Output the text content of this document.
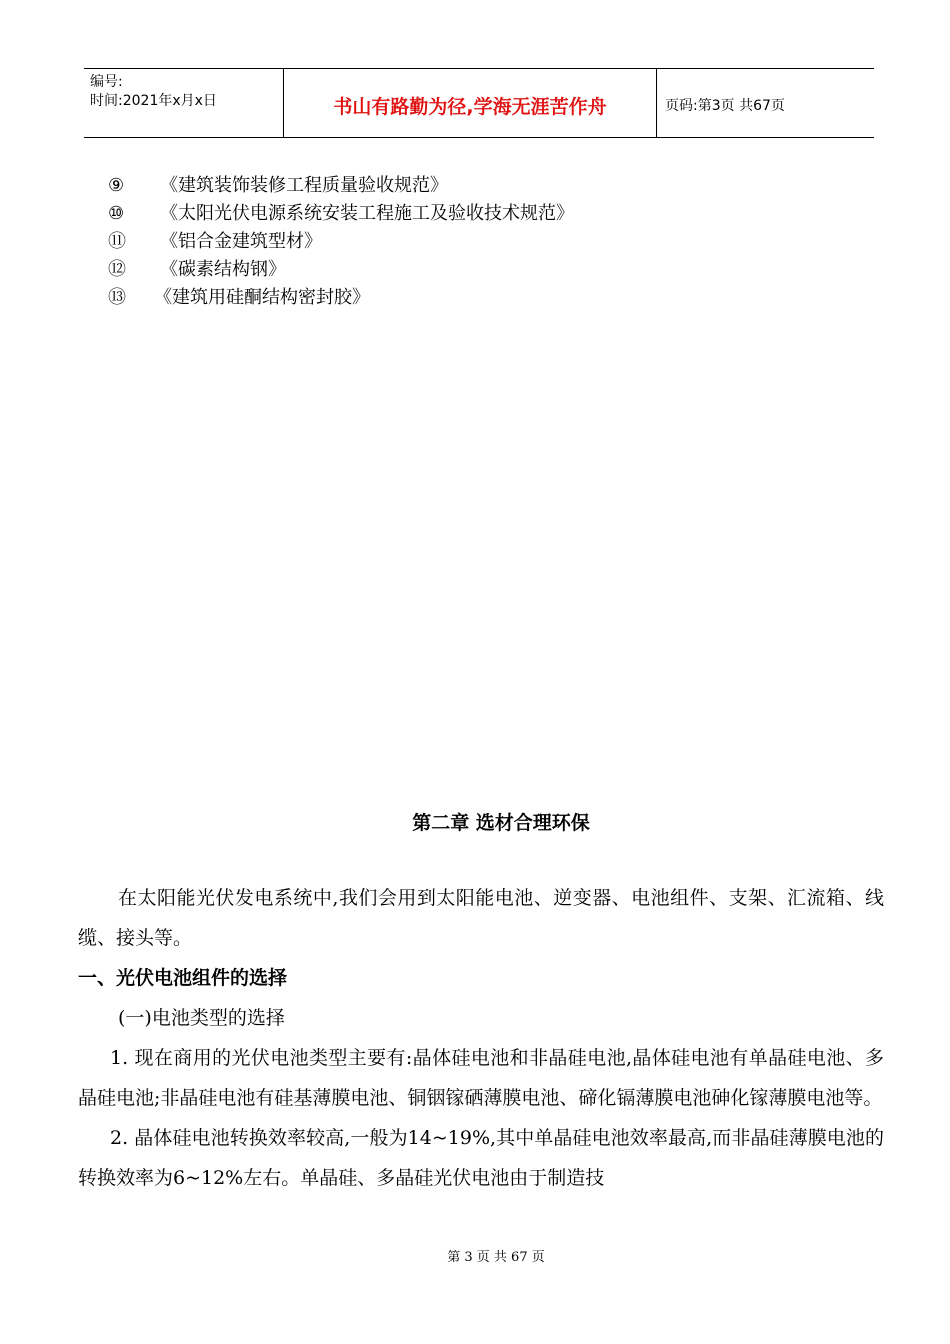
编号:
时间:2021年x月x日	书山有路勤为径,学海无涯苦作舟	页码:第3页 共67页
⑨	《建筑装饰装修工程质量验收规范》
⑩	《太阳光伏电源系统安装工程施工及验收技术规范》
⑪	《铝合金建筑型材》
⑫	《碳素结构钢》
⑬	《建筑用硅酮结构密封胶》
第二章 选材合理环保

在太阳能光伏发电系统中,我们会用到太阳能电池、逆变器、电池组件、支架、汇流箱、线缆、接头等。

一、光伏电池组件的选择

(一)电池类型的选择

1. 现在商用的光伏电池类型主要有:晶体硅电池和非晶硅电池,晶体硅电池有单晶硅电池、多晶硅电池;非晶硅电池有硅基薄膜电池、铜铟镓硒薄膜电池、碲化镉薄膜电池砷化镓薄膜电池等。

2. 晶体硅电池转换效率较高,一般为14~19%,其中单晶硅电池效率最高,而非晶硅薄膜电池的转换效率为6~12%左右。单晶硅、多晶硅光伏电池由于制造技

第 3 页 共 67 页
